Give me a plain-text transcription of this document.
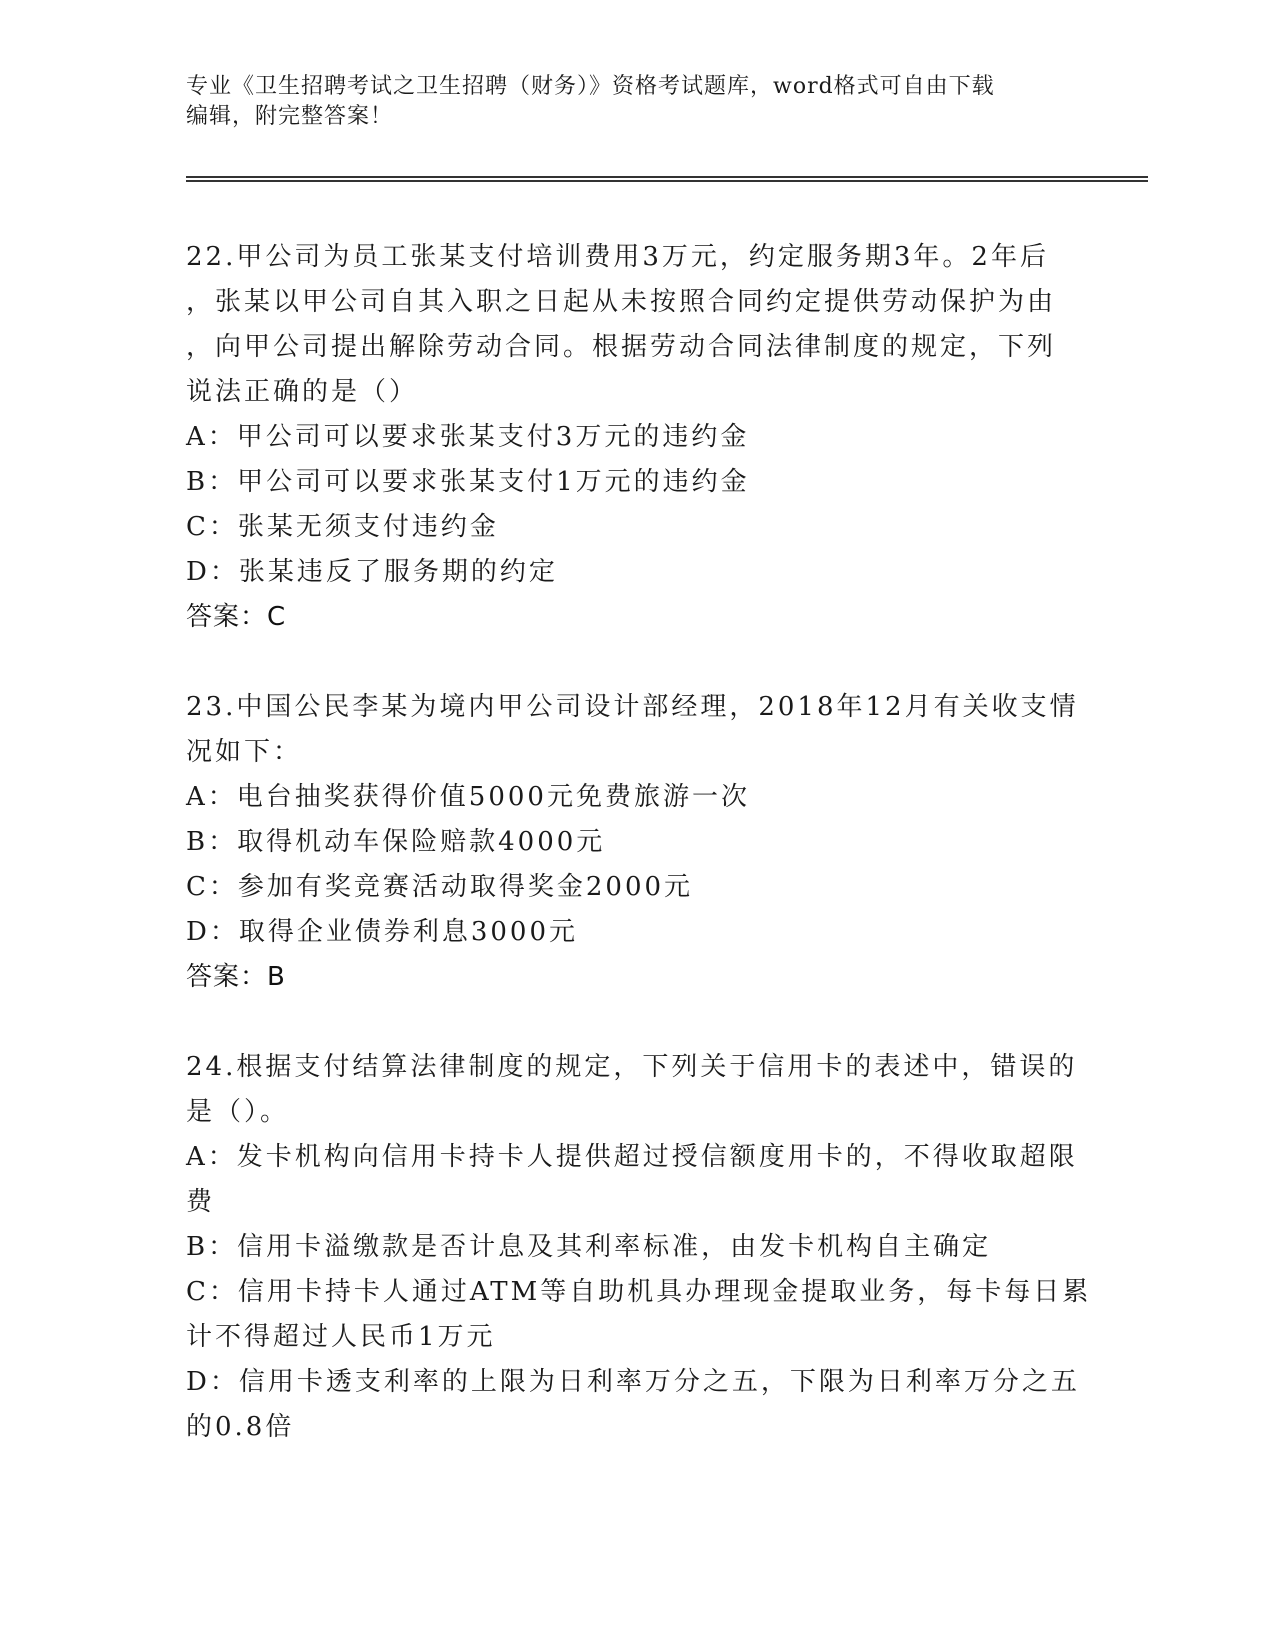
专业《卫生招聘考试之卫生招聘（财务）》资格考试题库，word格式可自由下载
编辑，附完整答案！
22.甲公司为员工张某支付培训费用3万元，约定服务期3年。2年后
，张某以甲公司自其入职之日起从未按照合同约定提供劳动保护为由
，向甲公司提出解除劳动合同。根据劳动合同法律制度的规定，下列
说法正确的是（）
A：甲公司可以要求张某支付3万元的违约金
B：甲公司可以要求张某支付1万元的违约金
C：张某无须支付违约金
D：张某违反了服务期的约定
答案：C
23.中国公民李某为境内甲公司设计部经理，2018年12月有关收支情
况如下：
A：电台抽奖获得价值5000元免费旅游一次
B：取得机动车保险赔款4000元
C：参加有奖竞赛活动取得奖金2000元
D：取得企业债券利息3000元
答案：B
24.根据支付结算法律制度的规定，下列关于信用卡的表述中，错误的
是（）。
A：发卡机构向信用卡持卡人提供超过授信额度用卡的，不得收取超限
费
B：信用卡溢缴款是否计息及其利率标准，由发卡机构自主确定
C：信用卡持卡人通过ATM等自助机具办理现金提取业务，每卡每日累
计不得超过人民币1万元
D：信用卡透支利率的上限为日利率万分之五，下限为日利率万分之五
的0.8倍
